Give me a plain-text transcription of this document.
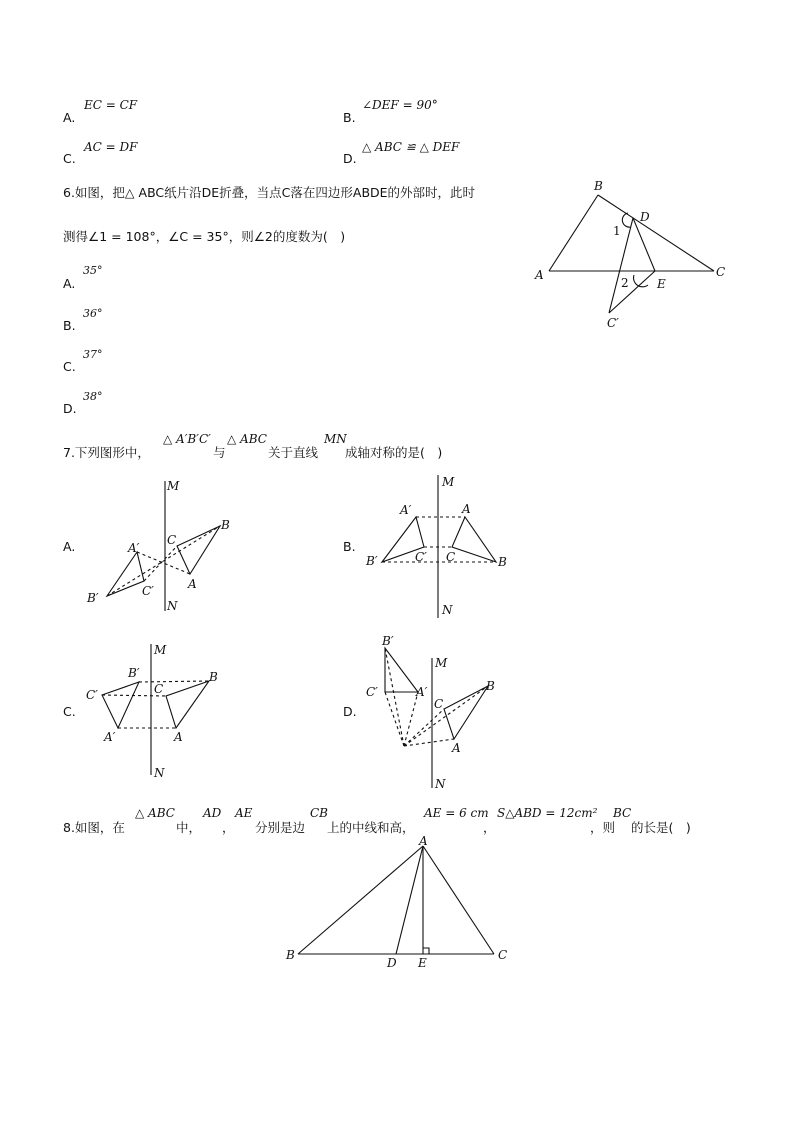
A.
EC = CF
B.
∠DEF = 90°
C.
AC = DF
D.
△ ABC ≌ △ DEF
6.如图，把△ ABC纸片沿DE折叠，当点C落在四边形ABDE的外部时，此时
测得∠1 = 108°，∠C = 35°，则∠2的度数为(　)
A.
35°
B.
36°
C.
37°
D.
38°
B
D
1
A
2 E
C
C′
7.下列图形中，
△ A′B′C′
与
△ ABC
关于直线
MN
成轴对称的是(　)
A.
M
N
A′
B′	C′
C
B
A
B.
M
N
A′	A
B′	C′ C	B
C.
M
N
B′
C′	C
B
A′	A
D.
B′
M
C′	A′	B
C
A
N
8.如图，在
△ ABC
中，
AD
，
AE
分别是边
CB
上的中线和高，
AE = 6 cm
，
S△ABD = 12cm²
，则
BC
的长是(　)
A
B
D E
C
